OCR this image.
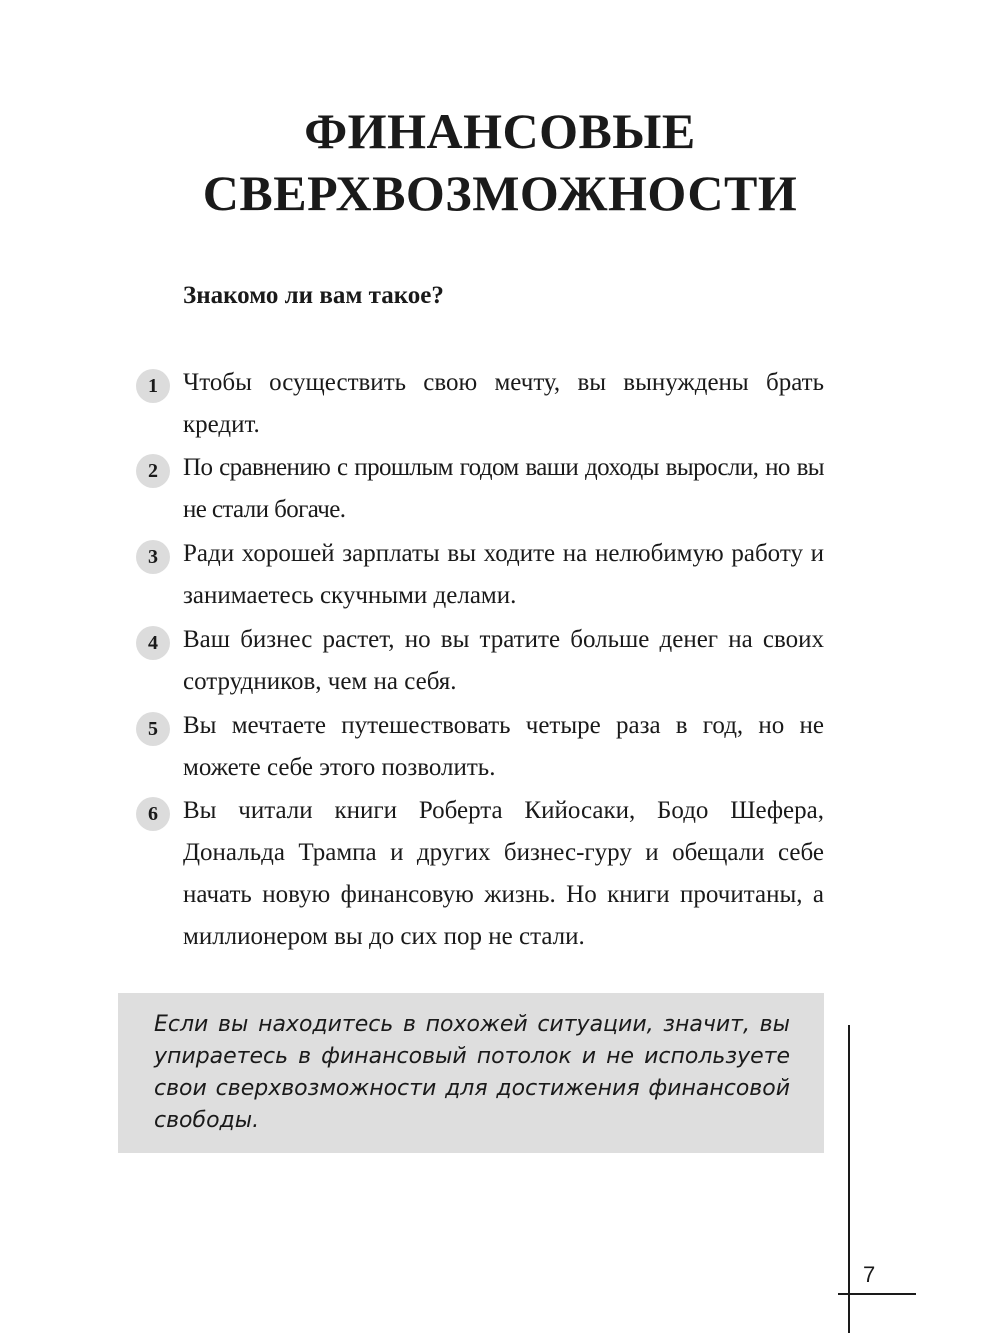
ФИНАНСОВЫЕ
СВЕРХВОЗМОЖНОСТИ

Знакомо ли вам такое?

1	Чтобы осуществить свою мечту, вы вынуждены брать кредит.
2	По сравнению с прошлым годом ваши доходы выросли, но вы не стали богаче.
3	Ради хорошей зарплаты вы ходите на нелюбимую работу и занимаетесь скучными делами.
4	Ваш бизнес растет, но вы тратите больше денег на своих сотрудников, чем на себя.
5	Вы мечтаете путешествовать четыре раза в год, но не можете себе этого позволить.
6	Вы читали книги Роберта Кийосаки, Бодо Шефера, Дональда Трампа и других бизнес-гуру и обещали себе начать новую финансовую жизнь. Но книги прочитаны, а миллионером вы до сих пор не стали.

Если вы находитесь в похожей ситуации, значит, вы упираетесь в финансовый потолок и не используете свои сверхвозможности для достижения финансовой свободы.

7
